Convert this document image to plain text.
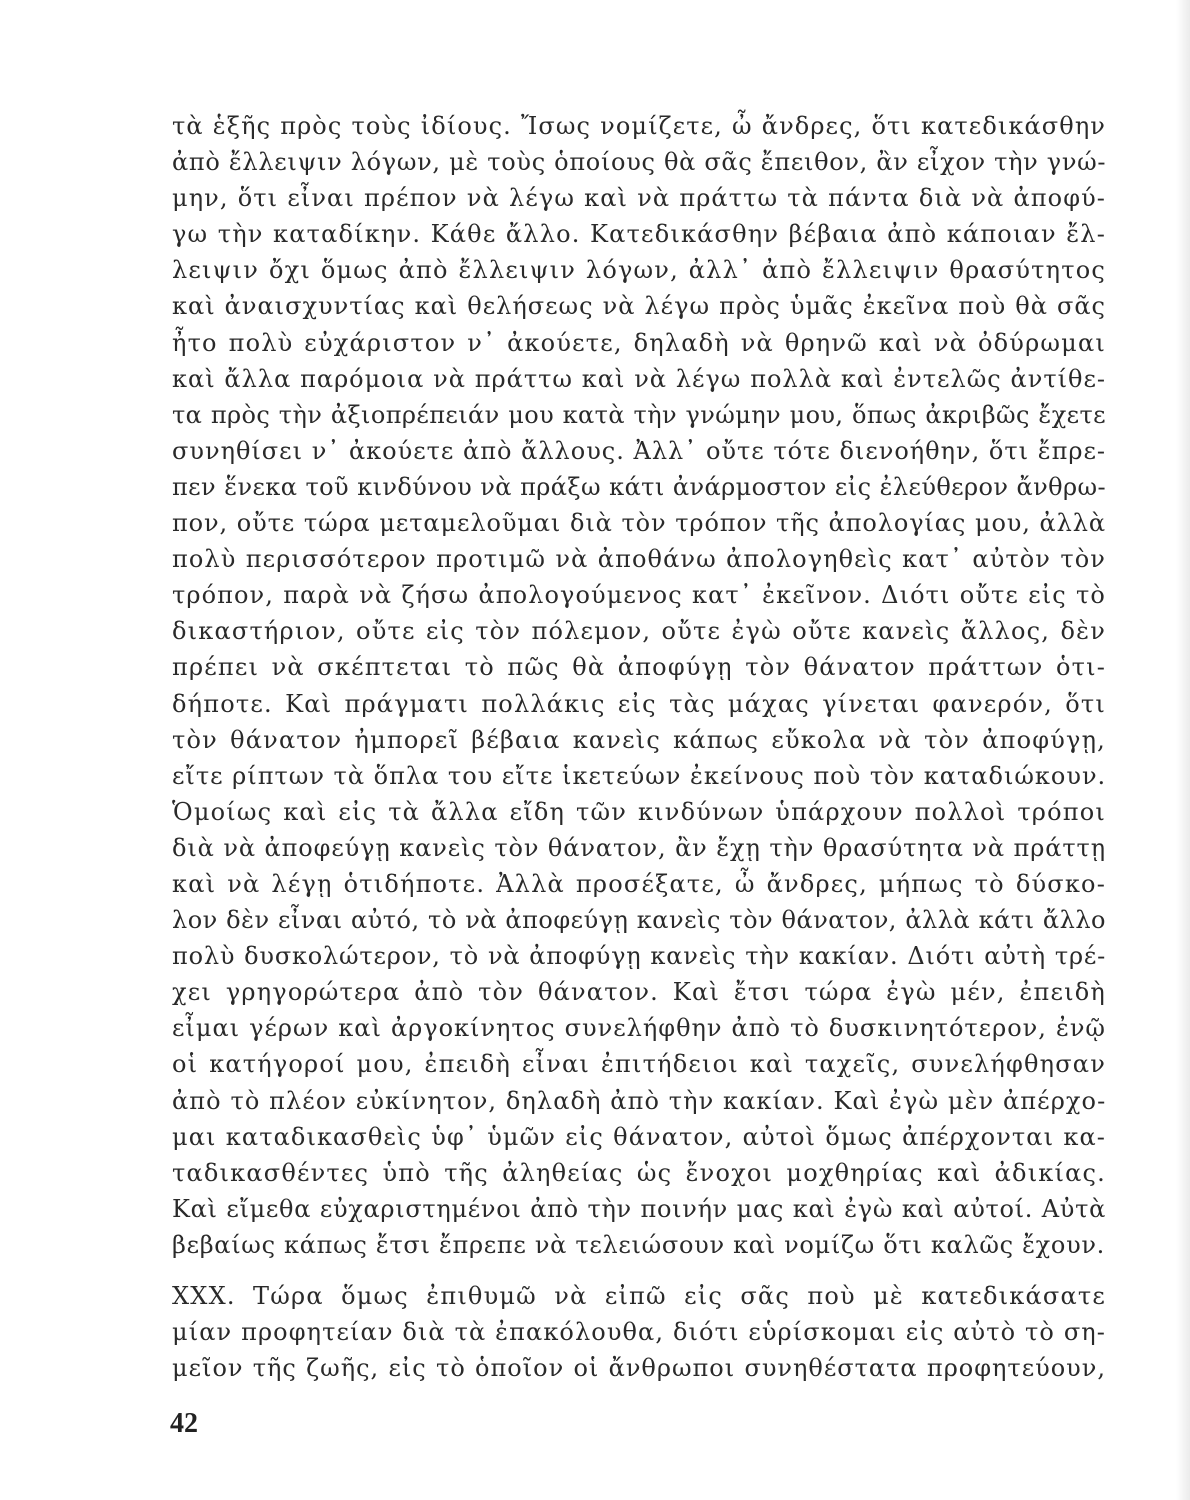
τὰ ἑξῆς πρὸς τοὺς ἰδίους. Ἴσως νομίζετε, ὦ ἄνδρες, ὅτι κατεδικάσθην
ἀπὸ ἔλλειψιν λόγων, μὲ τοὺς ὁποίους θὰ σᾶς ἔπειθον, ἂν εἶχον τὴν γνώ-
μην, ὅτι εἶναι πρέπον νὰ λέγω καὶ νὰ πράττω τὰ πάντα διὰ νὰ ἀποφύ-
γω τὴν καταδίκην. Κάθε ἄλλο. Κατεδικάσθην βέβαια ἀπὸ κάποιαν ἔλ-
λειψιν ὄχι ὅμως ἀπὸ ἔλλειψιν λόγων, ἀλλ᾽ ἀπὸ ἔλλειψιν θρασύτητος
καὶ ἀναισχυντίας καὶ θελήσεως νὰ λέγω πρὸς ὑμᾶς ἐκεῖνα ποὺ θὰ σᾶς
ἦτο πολὺ εὐχάριστον ν᾽ ἀκούετε, δηλαδὴ νὰ θρηνῶ καὶ νὰ ὀδύρωμαι
καὶ ἄλλα παρόμοια νὰ πράττω καὶ νὰ λέγω πολλὰ καὶ ἐντελῶς ἀντίθε-
τα πρὸς τὴν ἀξιοπρέπειάν μου κατὰ τὴν γνώμην μου, ὅπως ἀκριβῶς ἔχετε
συνηθίσει ν᾽ ἀκούετε ἀπὸ ἄλλους. Ἀλλ᾽ οὔτε τότε διενοήθην, ὅτι ἔπρε-
πεν ἕνεκα τοῦ κινδύνου νὰ πράξω κάτι ἀνάρμοστον εἰς ἐλεύθερον ἄνθρω-
πον, οὔτε τώρα μεταμελοῦμαι διὰ τὸν τρόπον τῆς ἀπολογίας μου, ἀλλὰ
πολὺ περισσότερον προτιμῶ νὰ ἀποθάνω ἀπολογηθεὶς κατ᾽ αὐτὸν τὸν
τρόπον, παρὰ νὰ ζήσω ἀπολογούμενος κατ᾽ ἐκεῖνον. Διότι οὔτε εἰς τὸ
δικαστήριον, οὔτε εἰς τὸν πόλεμον, οὔτε ἐγὼ οὔτε κανεὶς ἄλλος, δὲν
πρέπει νὰ σκέπτεται τὸ πῶς θὰ ἀποφύγῃ τὸν θάνατον πράττων ὁτι-
δήποτε. Καὶ πράγματι πολλάκις εἰς τὰς μάχας γίνεται φανερόν, ὅτι
τὸν θάνατον ἠμπορεῖ βέβαια κανεὶς κάπως εὔκολα νὰ τὸν ἀποφύγῃ,
εἴτε ρίπτων τὰ ὅπλα του εἴτε ἱκετεύων ἐκείνους ποὺ τὸν καταδιώκουν.
Ὁμοίως καὶ εἰς τὰ ἄλλα εἴδη τῶν κινδύνων ὑπάρχουν πολλοὶ τρόποι
διὰ νὰ ἀποφεύγῃ κανεὶς τὸν θάνατον, ἂν ἔχῃ τὴν θρασύτητα νὰ πράττῃ
καὶ νὰ λέγῃ ὁτιδήποτε. Ἀλλὰ προσέξατε, ὦ ἄνδρες, μήπως τὸ δύσκο-
λον δὲν εἶναι αὐτό, τὸ νὰ ἀποφεύγῃ κανεὶς τὸν θάνατον, ἀλλὰ κάτι ἄλλο
πολὺ δυσκολώτερον, τὸ νὰ ἀποφύγῃ κανεὶς τὴν κακίαν. Διότι αὐτὴ τρέ-
χει γρηγορώτερα ἀπὸ τὸν θάνατον. Καὶ ἔτσι τώρα ἐγὼ μέν, ἐπειδὴ
εἶμαι γέρων καὶ ἀργοκίνητος συνελήφθην ἀπὸ τὸ δυσκινητότερον, ἐνῷ
οἱ κατήγοροί μου, ἐπειδὴ εἶναι ἐπιτήδειοι καὶ ταχεῖς, συνελήφθησαν
ἀπὸ τὸ πλέον εὐκίνητον, δηλαδὴ ἀπὸ τὴν κακίαν. Καὶ ἐγὼ μὲν ἀπέρχο-
μαι καταδικασθεὶς ὑφ᾽ ὑμῶν εἰς θάνατον, αὐτοὶ ὅμως ἀπέρχονται κα-
ταδικασθέντες ὑπὸ τῆς ἀληθείας ὡς ἔνοχοι μοχθηρίας καὶ ἀδικίας.
Καὶ εἴμεθα εὐχαριστημένοι ἀπὸ τὴν ποινήν μας καὶ ἐγὼ καὶ αὐτοί. Αὐτὰ
βεβαίως κάπως ἔτσι ἔπρεπε νὰ τελειώσουν καὶ νομίζω ὅτι καλῶς ἔχουν.
XXX. Τώρα ὅμως ἐπιθυμῶ νὰ εἰπῶ εἰς σᾶς ποὺ μὲ κατεδικάσατε
μίαν προφητείαν διὰ τὰ ἐπακόλουθα, διότι εὑρίσκομαι εἰς αὐτὸ τὸ ση-
μεῖον τῆς ζωῆς, εἰς τὸ ὁποῖον οἱ ἄνθρωποι συνηθέστατα προφητεύουν,
42
